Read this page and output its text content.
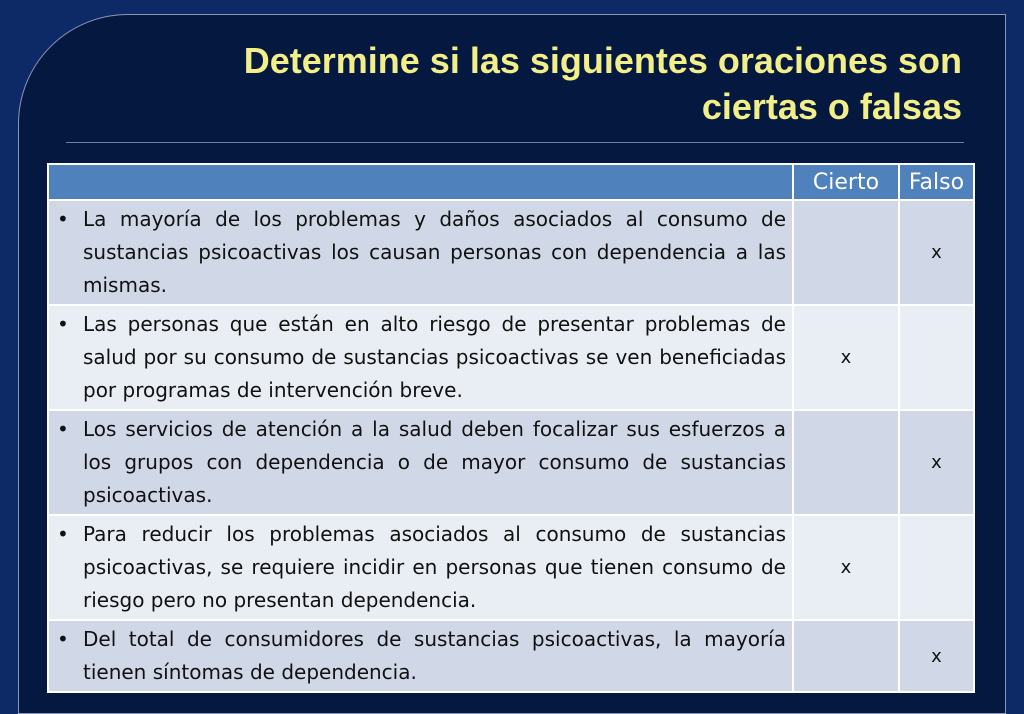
Determine si las siguientes oraciones son
ciertas o falsas
	Cierto	Falso

• La mayoría de los problemas y daños asociados al consumo de sustancias psicoactivas los causan personas con dependencia a las mismas.		x

• Las personas que están en alto riesgo de presentar problemas de salud por su consumo de sustancias psicoactivas se ven beneficiadas por programas de intervención breve.	x	

• Los servicios de atención a la salud deben focalizar sus esfuerzos a los grupos con dependencia o de mayor consumo de sustancias psicoactivas.		x

• Para reducir los problemas asociados al consumo de sustancias psicoactivas, se requiere incidir en personas que tienen consumo de riesgo pero no presentan dependencia.	x	

• Del total de consumidores de sustancias psicoactivas, la mayoría tienen síntomas de dependencia.		x
